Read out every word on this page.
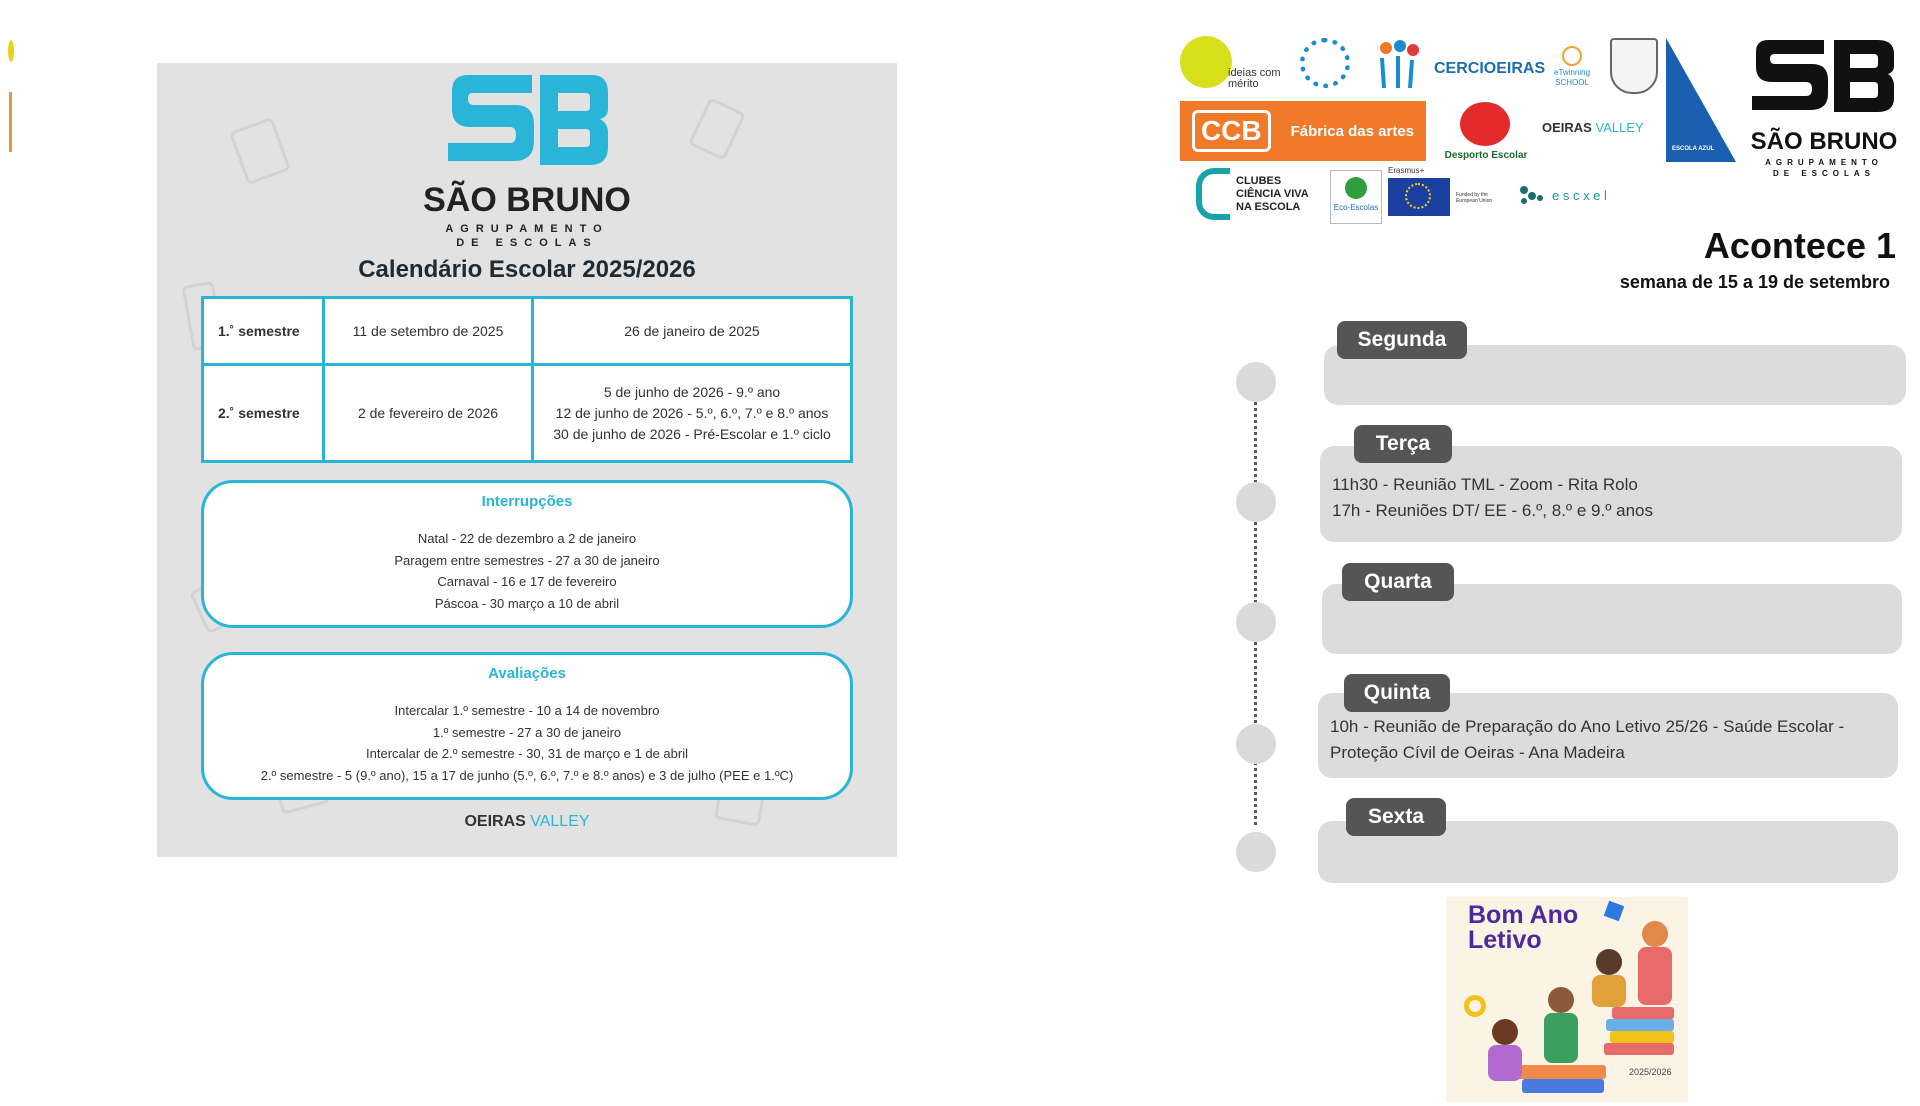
SÃO BRUNO
AGRUPAMENTO
DE ESCOLAS
Calendário Escolar 2025/2026
1.˚ semestre	11 de setembro de 2025	26 de janeiro de 2025
2.˚ semestre	2 de fevereiro de 2026	5 de junho de 2026 - 9.º ano
12 de junho de 2026 - 5.º, 6.º, 7.º e 8.º anos
30 de junho de 2026 - Pré-Escolar e 1.º ciclo
Interrupções
Natal - 22 de dezembro a 2 de janeiro
Paragem entre semestres - 27 a 30 de janeiro
Carnaval - 16 e 17 de fevereiro
Páscoa - 30 março a 10 de abril
Avaliações
Intercalar 1.º semestre - 10 a 14 de novembro
1.º semestre - 27 a 30 de janeiro
Intercalar de 2.º semestre - 30, 31 de março e 1 de abril
2.º semestre - 5 (9.º ano), 15 a 17 de junho (5.º, 6.º, 7.º e 8.º anos) e 3 de julho (PEE e 1.ºC)
OEIRAS VALLEY
ideias com mérito
CERCIOEIRAS eTwinning SCHOOL
ESCOLA AZUL	SÃO BRUNO
AGRUPAMENTO
DE ESCOLAS
CCB	Fábrica das artes
Desporto Escolar
OEIRAS VALLEY
CLUBES
CIÊNCIA VIVA
NA ESCOLA	Eco-Escolas
Erasmus+
Funded by the European Union	e s c x e l
Acontece 1
semana de 15 a 19 de setembro
Segunda
11h30 - Reunião TML - Zoom - Rita Rolo
17h - Reuniões DT/ EE - 6.º, 8.º e 9.º anos
Terça
Quarta
10h - Reunião de Preparação do Ano Letivo 25/26 - Saúde Escolar -
Proteção Cívil de Oeiras - Ana Madeira
Quinta
Sexta
Bom Ano
Letivo
2025/2026
